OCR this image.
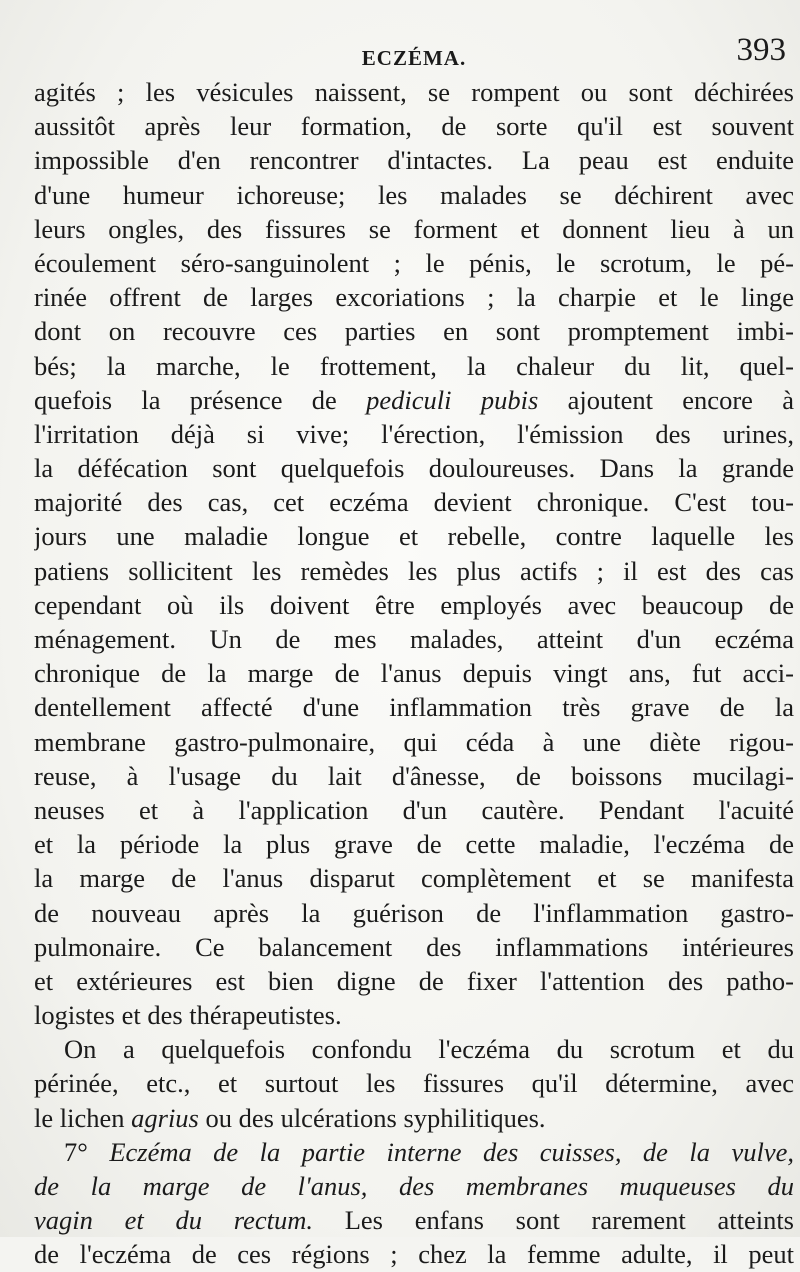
ECZÉMA.	393
agités ; les vésicules naissent, se rompent ou sont déchirées
aussitôt après leur formation, de sorte qu'il est souvent
impossible d'en rencontrer d'intactes. La peau est enduite
d'une humeur ichoreuse; les malades se déchirent avec
leurs ongles, des fissures se forment et donnent lieu à un
écoulement séro-sanguinolent ; le pénis, le scrotum, le pé-
rinée offrent de larges excoriations ; la charpie et le linge
dont on recouvre ces parties en sont promptement imbi-
bés; la marche, le frottement, la chaleur du lit, quel-
quefois la présence de pediculi pubis ajoutent encore à
l'irritation déjà si vive; l'érection, l'émission des urines,
la défécation sont quelquefois douloureuses. Dans la grande
majorité des cas, cet eczéma devient chronique. C'est tou-
jours une maladie longue et rebelle, contre laquelle les
patiens sollicitent les remèdes les plus actifs ; il est des cas
cependant où ils doivent être employés avec beaucoup de
ménagement. Un de mes malades, atteint d'un eczéma
chronique de la marge de l'anus depuis vingt ans, fut acci-
dentellement affecté d'une inflammation très grave de la
membrane gastro-pulmonaire, qui céda à une diète rigou-
reuse, à l'usage du lait d'ânesse, de boissons mucilagi-
neuses et à l'application d'un cautère. Pendant l'acuité
et la période la plus grave de cette maladie, l'eczéma de
la marge de l'anus disparut complètement et se manifesta
de nouveau après la guérison de l'inflammation gastro-
pulmonaire. Ce balancement des inflammations intérieures
et extérieures est bien digne de fixer l'attention des patho-
logistes et des thérapeutistes.
On a quelquefois confondu l'eczéma du scrotum et du
périnée, etc., et surtout les fissures qu'il détermine, avec
le lichen agrius ou des ulcérations syphilitiques.
7° Eczéma de la partie interne des cuisses, de la vulve,
de la marge de l'anus, des membranes muqueuses du
vagin et du rectum. Les enfans sont rarement atteints
de l'eczéma de ces régions ; chez la femme adulte, il peut
